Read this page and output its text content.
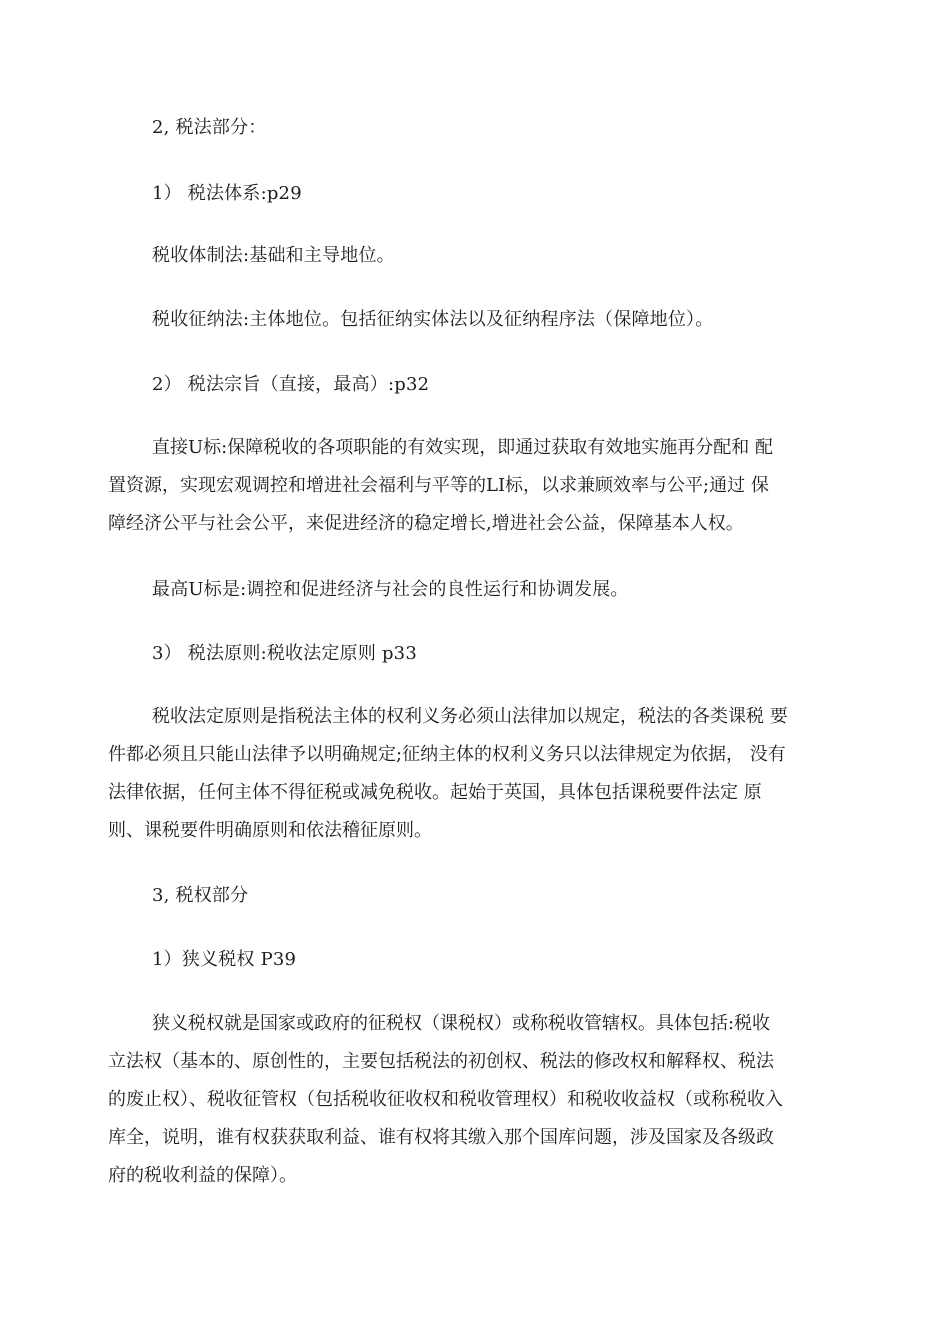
2, 税法部分：
1） 税法体系:p29
税收体制法:基础和主导地位。
税收征纳法:主体地位。包括征纳实体法以及征纳程序法（保障地位）。
2） 税法宗旨（直接，最高）:p32
直接U标:保障税收的各项职能的有效实现，即通过获取有效地实施再分配和 配
置资源，实现宏观调控和增进社会福利与平等的LI标，以求兼顾效率与公平;通过 保
障经济公平与社会公平，来促进经济的稳定增长,增进社会公益，保障基本人权。
最高U标是:调控和促进经济与社会的良性运行和协调发展。
3） 税法原则:税收法定原则 p33
税收法定原则是指税法主体的权利义务必须山法律加以规定，税法的各类课税 要
件都必须且只能山法律予以明确规定;征纳主体的权利义务只以法律规定为依据， 没有
法律依据，任何主体不得征税或减免税收。起始于英国，具体包括课税要件法定 原
则、课税要件明确原则和依法稽征原则。
3, 税权部分
1）狭义税权 P39
狭义税权就是国家或政府的征税权（课税权）或称税收管辖权。具体包括:税收
立法权（基本的、原创性的，主要包括税法的初创权、税法的修改权和解释权、税法
的废止权）、税收征管权（包括税收征收权和税收管理权）和税收收益权（或称税收入
库全，说明，谁有权获获取利益、谁有权将其缴入那个国库问题，涉及国家及各级政
府的税收利益的保障）。
